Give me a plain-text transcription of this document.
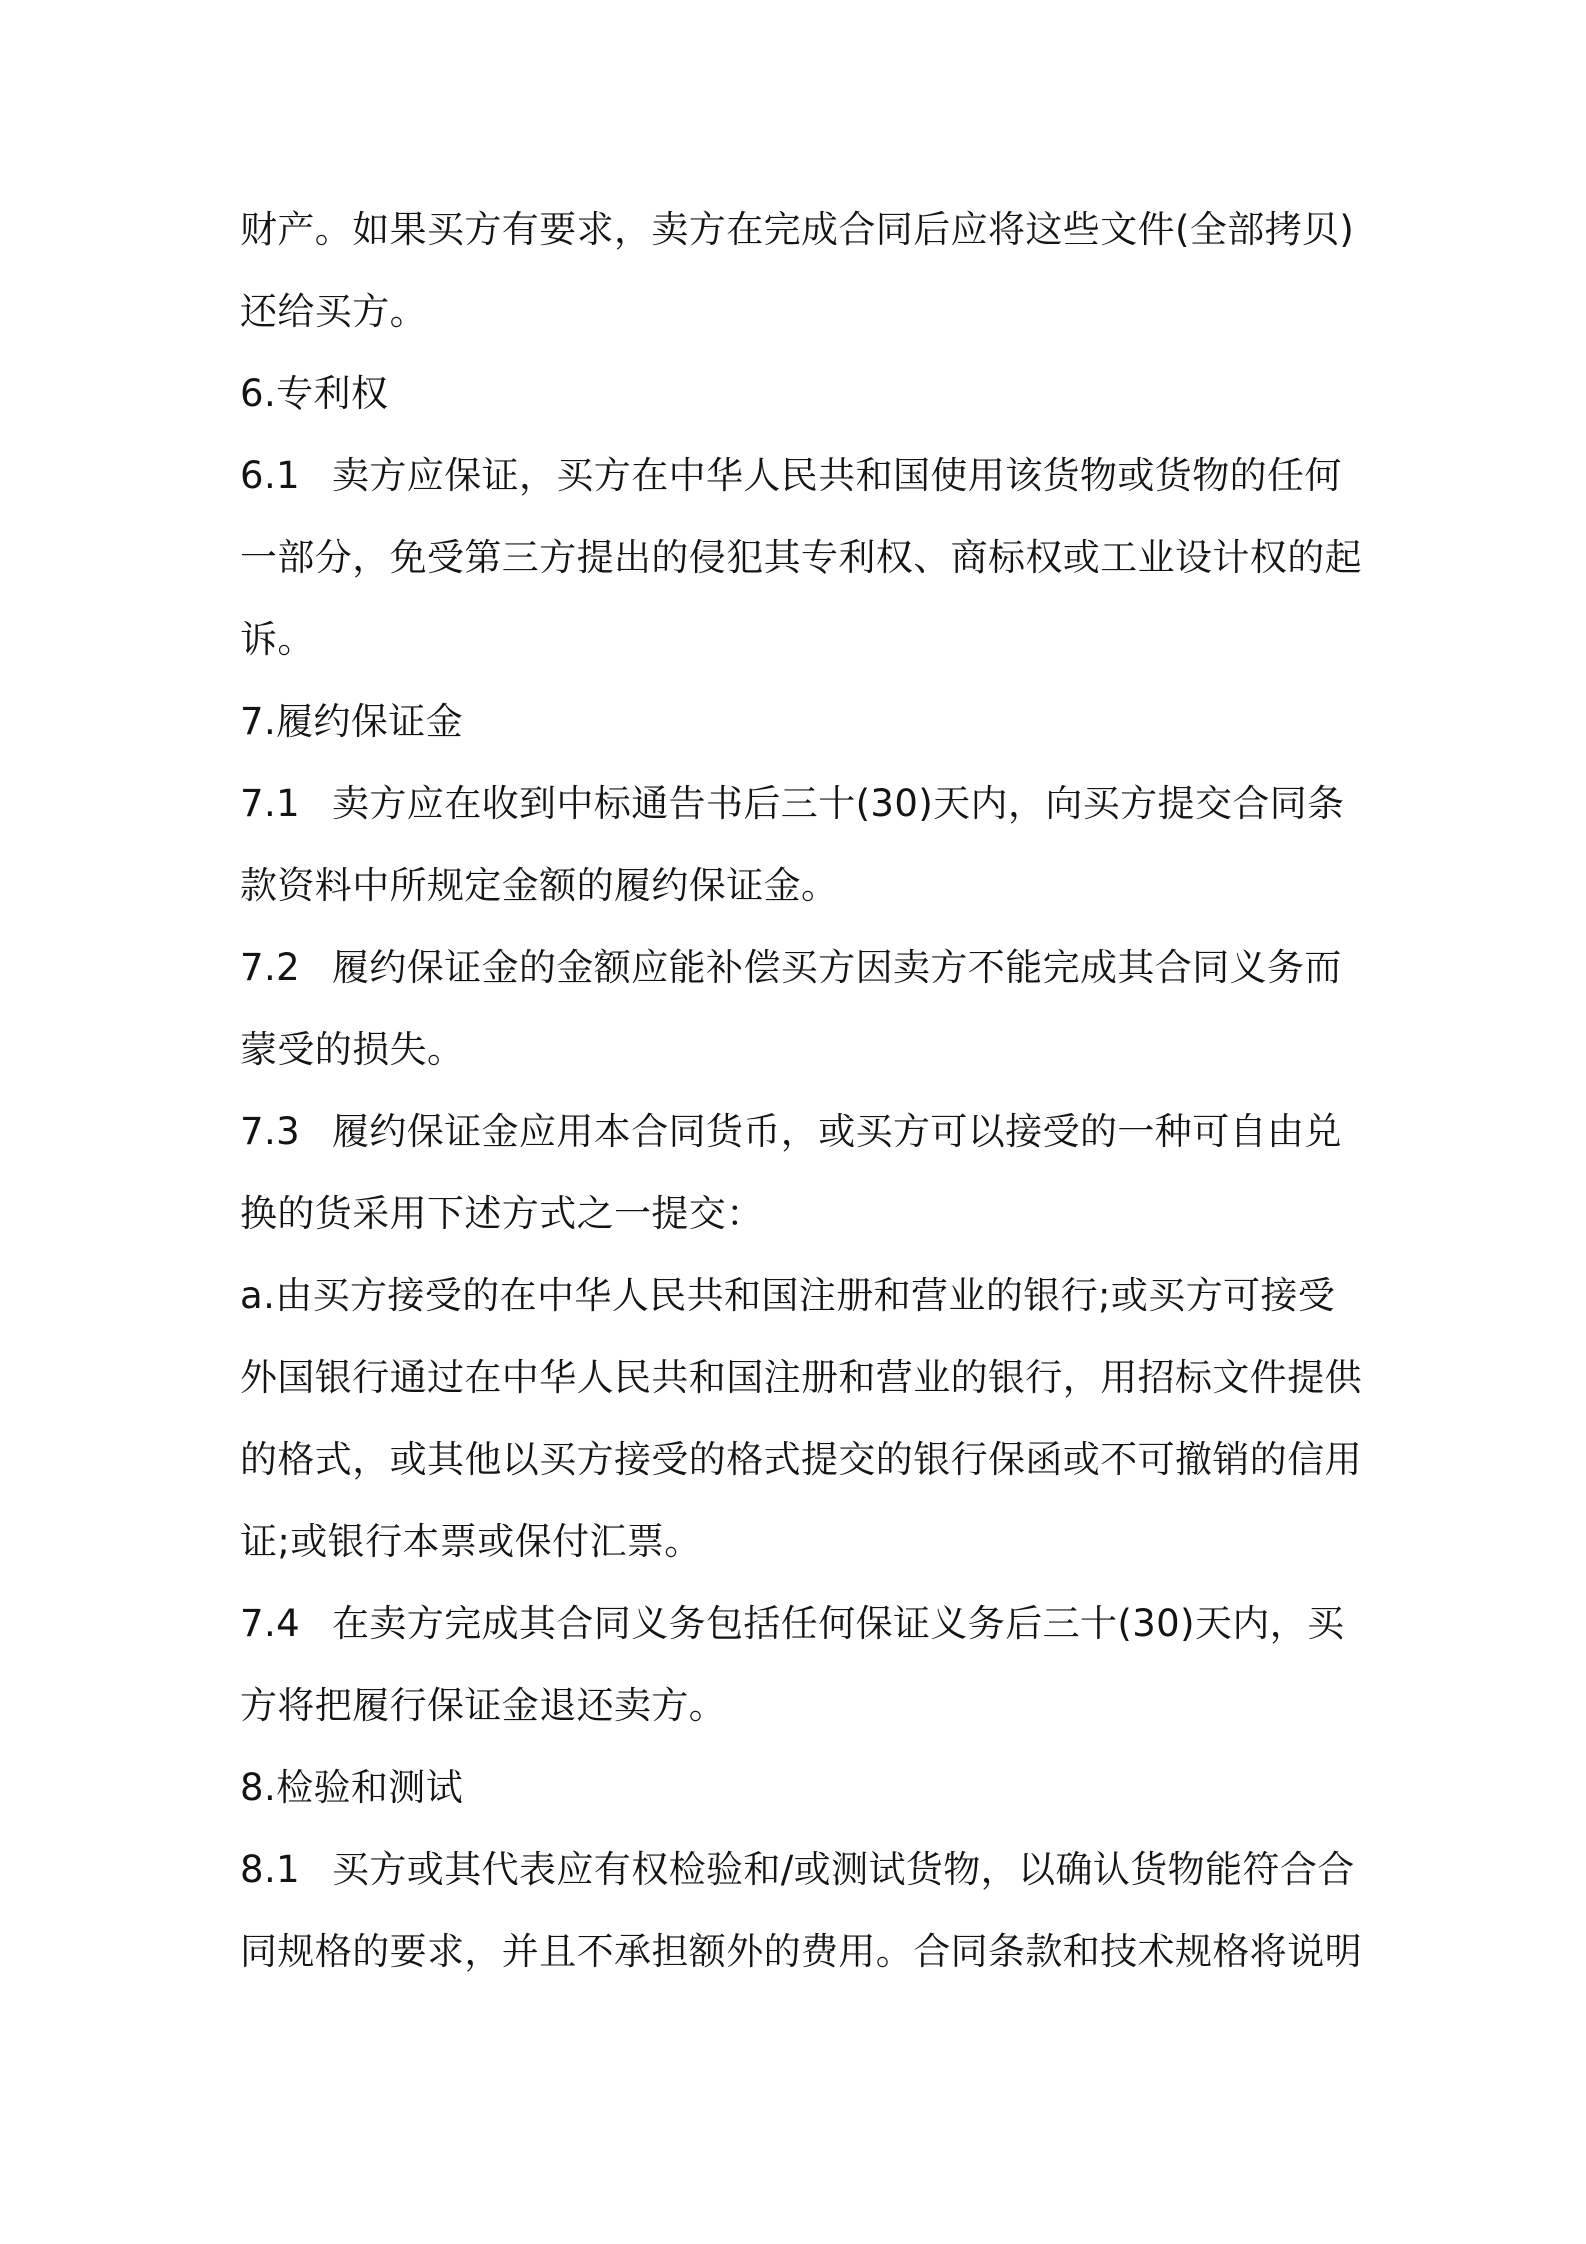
财产。如果买方有要求，卖方在完成合同后应将这些文件(全部拷贝)
还给买方。
6.专利权
6.1 卖方应保证，买方在中华人民共和国使用该货物或货物的任何
一部分，免受第三方提出的侵犯其专利权、商标权或工业设计权的起
诉。
7.履约保证金
7.1 卖方应在收到中标通告书后三十(30)天内，向买方提交合同条
款资料中所规定金额的履约保证金。
7.2 履约保证金的金额应能补偿买方因卖方不能完成其合同义务而
蒙受的损失。
7.3 履约保证金应用本合同货币，或买方可以接受的一种可自由兑
换的货采用下述方式之一提交：
a.由买方接受的在中华人民共和国注册和营业的银行;或买方可接受
外国银行通过在中华人民共和国注册和营业的银行，用招标文件提供
的格式，或其他以买方接受的格式提交的银行保函或不可撤销的信用
证;或银行本票或保付汇票。
7.4 在卖方完成其合同义务包括任何保证义务后三十(30)天内，买
方将把履行保证金退还卖方。
8.检验和测试
8.1 买方或其代表应有权检验和/或测试货物，以确认货物能符合合
同规格的要求，并且不承担额外的费用。合同条款和技术规格将说明
